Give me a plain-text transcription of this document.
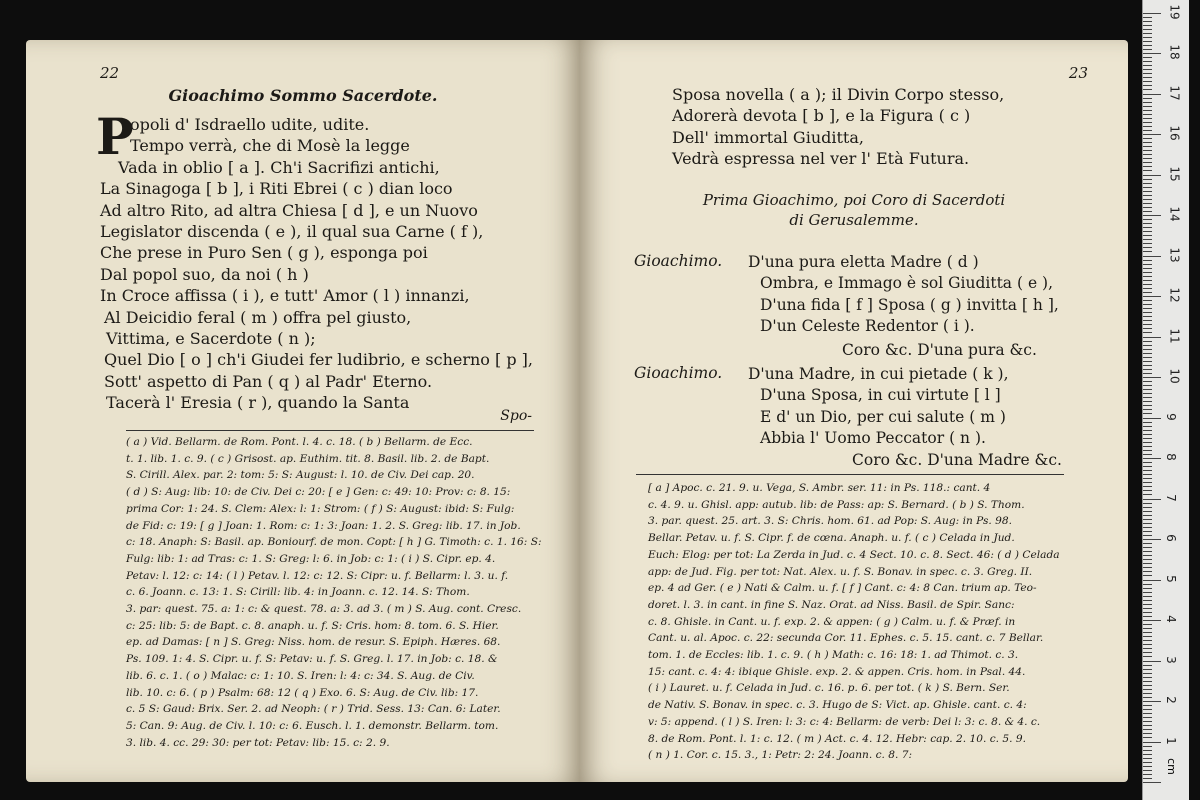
22
Gioachimo Sommo Sacerdote.
P
opoli d' Isdraello udite, udite.
Tempo verrà, che di Mosè la legge
Vada in oblio [ a ]. Ch'i Sacrifizi antichi,
La Sinagoga [ b ], i Riti Ebrei ( c ) dian loco
Ad altro Rito, ad altra Chiesa [ d ], e un Nuovo
Legislator discenda ( e ), il qual sua Carne ( f ),
Che prese in Puro Sen ( g ), esponga poi
Dal popol suo, da noi ( h )
In Croce affissa ( i ), e tutt' Amor ( l ) innanzi,
Al Deicidio feral ( m ) offra pel giusto,
Vittima, e Sacerdote ( n );
Quel Dio [ o ] ch'i Giudei fer ludibrio, e scherno [ p ],
Sott' aspetto di Pan ( q ) al Padr' Eterno.
Tacerà l' Eresia ( r ), quando la Santa
Spo-
( a ) Vid. Bellarm. de Rom. Pont. l. 4. c. 18. ( b ) Bellarm. de Ecc.
t. 1. lib. 1. c. 9. ( c ) Grisost. ap. Euthim. tit. 8. Basil. lib. 2. de Bapt.
S. Cirill. Alex. par. 2: tom: 5: S: August: l. 10. de Civ. Dei cap. 20.
( d ) S: Aug: lib: 10: de Civ. Dei c: 20: [ e ] Gen: c: 49: 10: Prov: c: 8. 15:
prima Cor: 1: 24. S. Clem: Alex: l: 1: Strom: ( f ) S: August: ibid: S: Fulg:
de Fid: c: 19: [ g ] Joan: 1. Rom: c: 1: 3: Joan: 1. 2. S. Greg: lib. 17. in Job.
c: 18. Anaph: S: Basil. ap. Boniourf. de mon. Copt: [ h ] G. Timoth: c. 1. 16: S:
Fulg: lib: 1: ad Tras: c: 1. S: Greg: l: 6. in Job: c: 1: ( i ) S. Cipr. ep. 4.
Petav: l. 12: c: 14: ( l ) Petav. l. 12: c: 12. S: Cipr: u. f. Bellarm: l. 3. u. f.
c. 6. Joann. c. 13: 1. S: Cirill: lib. 4: in Joann. c. 12. 14. S: Thom.
3. par: quest. 75. a: 1: c: & quest. 78. a: 3. ad 3. ( m ) S. Aug. cont. Cresc.
c: 25: lib: 5: de Bapt. c. 8. anaph. u. f. S: Cris. hom: 8. tom. 6. S. Hier.
ep. ad Damas: [ n ] S. Greg: Niss. hom. de resur. S. Epiph. Hæres. 68.
Ps. 109. 1: 4. S. Cipr. u. f. S: Petav: u. f. S. Greg. l. 17. in Job: c. 18. &
lib. 6. c. 1. ( o ) Malac: c: 1: 10. S. Iren: l: 4: c: 34. S. Aug. de Civ.
lib. 10. c: 6. ( p ) Psalm: 68: 12 ( q ) Exo. 6. S: Aug. de Civ. lib: 17.
c. 5 S: Gaud: Brix. Ser. 2. ad Neoph: ( r ) Trid. Sess. 13: Can. 6: Later.
5: Can. 9: Aug. de Civ. l. 10: c: 6. Eusch. l. 1. demonstr. Bellarm. tom.
3. lib. 4. cc. 29: 30: per tot: Petav: lib: 15. c: 2. 9.
23
Sposa novella ( a ); il Divin Corpo stesso,
Adorerà devota [ b ], e la Figura ( c )
Dell' immortal Giuditta,
Vedrà espressa nel ver l' Età Futura.
Prima Gioachimo, poi Coro di Sacerdoti
di Gerusalemme.
Gioachimo. D'una pura eletta Madre ( d )
Ombra, e Immago è sol Giuditta ( e ),
D'una fida [ f ] Sposa ( g ) invitta [ h ],
D'un Celeste Redentor ( i ).
Coro &c. D'una pura &c.
Gioachimo. D'una Madre, in cui pietade ( k ),
D'una Sposa, in cui virtute [ l ]
E d' un Dio, per cui salute ( m )
Abbia l' Uomo Peccator ( n ).
Coro &c. D'una Madre &c.
[ a ] Apoc. c. 21. 9. u. Vega, S. Ambr. ser. 11: in Ps. 118.: cant. 4
c. 4. 9. u. Ghisl. app: autub. lib: de Pass: ap: S. Bernard. ( b ) S. Thom.
3. par. quest. 25. art. 3. S: Chris. hom. 61. ad Pop: S. Aug: in Ps. 98.
Bellar. Petav. u. f. S. Cipr. f. de cœna. Anaph. u. f. ( c ) Celada in Jud.
Euch: Elog: per tot: La Zerda in Jud. c. 4 Sect. 10. c. 8. Sect. 46: ( d ) Celada
app: de Jud. Fig. per tot: Nat. Alex. u. f. S. Bonav. in spec. c. 3. Greg. II.
ep. 4 ad Ger. ( e ) Nati & Calm. u. f. [ f ] Cant. c: 4: 8 Can. trium ap. Teo-
doret. l. 3. in cant. in fine S. Naz. Orat. ad Niss. Basil. de Spir. Sanc:
c. 8. Ghisle. in Cant. u. f. exp. 2. & appen: ( g ) Calm. u. f. & Præf. in
Cant. u. al. Apoc. c. 22: secunda Cor. 11. Ephes. c. 5. 15. cant. c. 7 Bellar.
tom. 1. de Eccles: lib. 1. c. 9. ( h ) Math: c. 16: 18: 1. ad Thimot. c. 3.
15: cant. c. 4: 4: ibique Ghisle. exp. 2. & appen. Cris. hom. in Psal. 44.
( i ) Lauret. u. f. Celada in Jud. c. 16. p. 6. per tot. ( k ) S. Bern. Ser.
de Nativ. S. Bonav. in spec. c. 3. Hugo de S: Vict. ap. Ghisle. cant. c. 4:
v: 5: append. ( l ) S. Iren: l: 3: c: 4: Bellarm: de verb: Dei l: 3: c. 8. & 4. c.
8. de Rom. Pont. l. 1: c. 12. ( m ) Act. c. 4. 12. Hebr: cap. 2. 10. c. 5. 9.
( n ) 1. Cor. c. 15. 3., 1: Petr: 2: 24. Joann. c. 8. 7:
cm
1
2
3
4
5
6
7
8
9
10
11
12
13
14
15
16
17
18
19
